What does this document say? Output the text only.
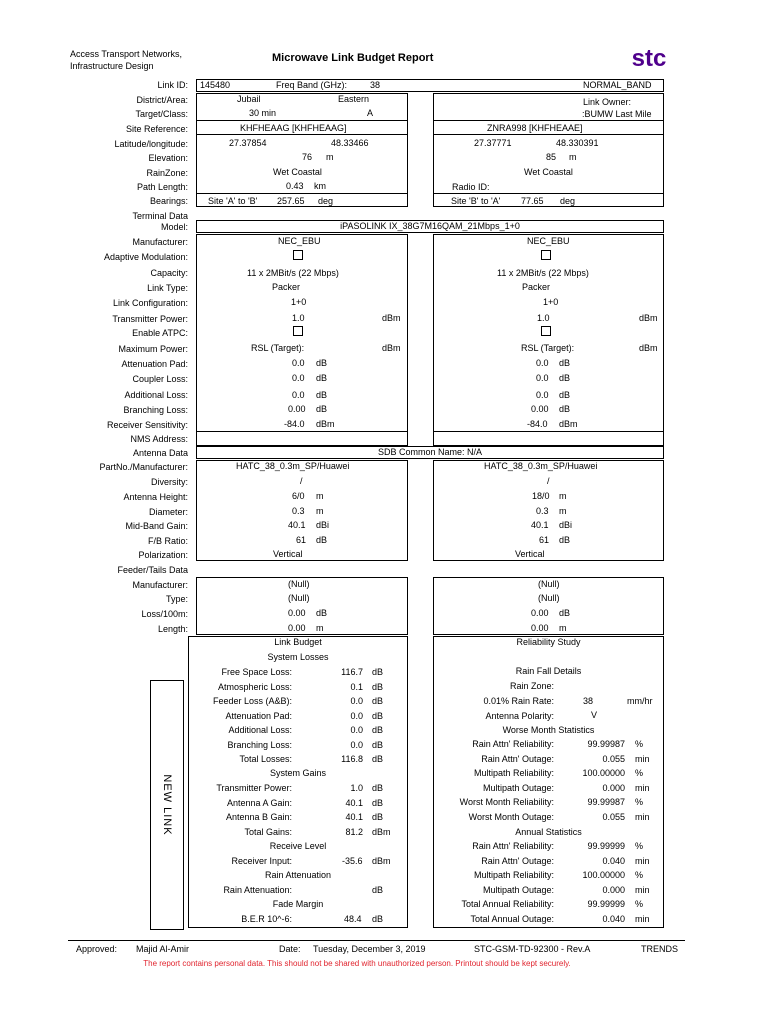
Access Transport Networks,
Infrastructure Design
Microwave Link Budget Report	stc
Link ID: 145480	Freq Band (GHz):	38	NORMAL_BAND
District/Area:	Jubail	Eastern	Link Owner:
Target/Class:	30 min	A	:BUMW Last Mile
Site Reference:	KHFHEAAG [KHFHEAAG]	ZNRA998 [KHFHEAAE]
Latitude/longitude:	27.37854	48.33466	27.37771	48.330391
Elevation:	76 m	85 m
RainZone:	Wet Coastal	Wet Coastal
Path Length:	0.43 km	Radio ID:
Bearings: Site 'A' to 'B' 257.65 deg	Site 'B' to 'A' 77.65 deg
Terminal Data
Model:	iPASOLINK IX_38G7M16QAM_21Mbps_1+0
Manufacturer:	NEC_EBU	NEC_EBU
Adaptive Modulation:
Capacity:	11 x 2MBit/s (22 Mbps)	11 x 2MBit/s (22 Mbps)
Link Type:	Packer	Packer
Link Configuration:	1+0	1+0
Transmitter Power:	1.0	dBm	1.0	dBm
Enable ATPC:
Maximum Power:	RSL (Target):	dBm	RSL (Target):	dBm
Attenuation Pad:	0.0 dB	0.0 dB
Coupler Loss:	0.0 dB	0.0 dB
Additional Loss:	0.0 dB	0.0 dB
Branching Loss:	0.00 dB	0.00 dB
Receiver Sensitivity:	-84.0 dBm	-84.0 dBm
NMS Address:
Antenna Data	SDB Common Name: N/A
PartNo./Manufacturer:	HATC_38_0.3m_SP/Huawei	HATC_38_0.3m_SP/Huawei
Diversity:	/	/
Antenna Height:	6/0 m	18/0 m
Diameter:	0.3 m	0.3 m
Mid-Band Gain:	40.1 dBi	40.1 dBi
F/B Ratio:	61 dB	61 dB
Polarization:	Vertical	Vertical
Feeder/Tails Data
Manufacturer:	(Null)	(Null)
Type:	(Null)	(Null)
Loss/100m:	0.00 dB	0.00 dB
Length:	0.00 m	0.00 m
NEW LINK
Link Budget
System Losses
Free Space Loss:	116.7 dB
Atmospheric Loss:	0.1 dB
Feeder Loss (A&B):	0.0 dB
Attenuation Pad:	0.0 dB
Additional Loss:	0.0 dB
Branching Loss:	0.0 dB
Total Losses:	116.8 dB
System Gains
Transmitter Power:	1.0 dB
Antenna A Gain:	40.1 dB
Antenna B Gain:	40.1 dB
Total Gains:	81.2 dBm
Receive Level
Receiver Input:	-35.6 dBm
Rain Attenuation
Rain Attenuation:	dB
Fade Margin
B.E.R 10^-6:	48.4 dB
Reliability Study
Rain Fall Details
Rain Zone:
0.01% Rain Rate:	38	mm/hr
Antenna Polarity:	V
Worse Month Statistics
Rain Attn' Reliability:	99.99987 %
Rain Attn' Outage:	0.055 min
Multipath Reliability:	100.00000 %
Multipath Outage:	0.000 min
Worst Month Reliability:	99.99987 %
Worst Month Outage:	0.055 min
Annual Statistics
Rain Attn' Reliability:	99.99999 %
Rain Attn' Outage:	0.040 min
Multipath Reliability:	100.00000 %
Multipath Outage:	0.000 min
Total Annual Reliability:	99.99999 %
Total Annual Outage:	0.040 min
Approved: Majid Al-Amir	Date: Tuesday, December 3, 2019	STC-GSM-TD-92300 - Rev.A	TRENDS
The report contains personal data. This should not be shared with unauthorized person. Printout should be kept securely.
